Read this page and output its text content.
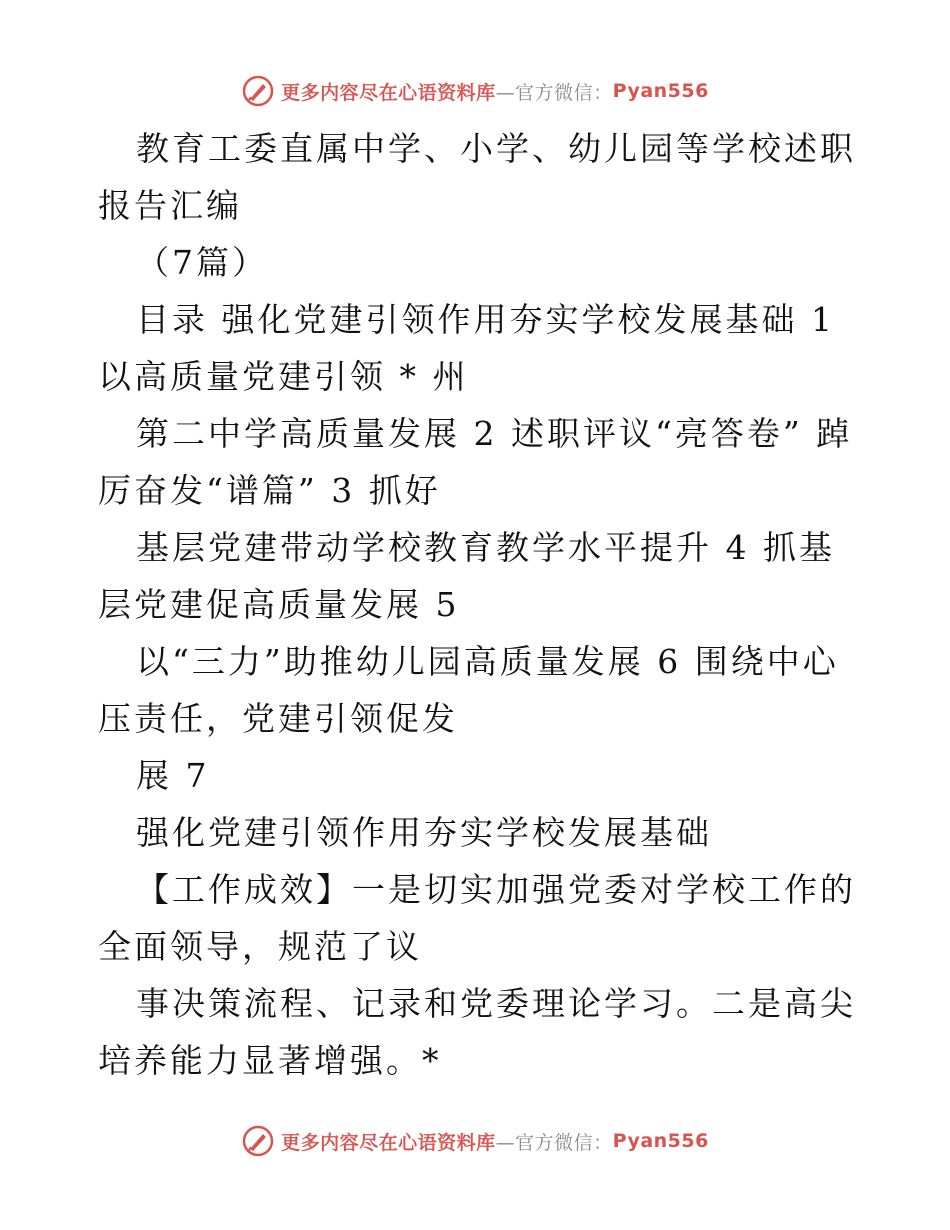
更多内容尽在心语资料库 —官方微信： Pyan556

教育工委直属中学、小学、幼儿园等学校述职报告汇编

（7篇）

目录 强化党建引领作用夯实学校发展基础 1 以高质量党建引领 * 州

第二中学高质量发展 2 述职评议“亮答卷” 踔厉奋发“谱篇” 3 抓好

基层党建带动学校教育教学水平提升 4 抓基层党建促高质量发展 5

以“三力”助推幼儿园高质量发展 6 围绕中心压责任，党建引领促发

展 7

强化党建引领作用夯实学校发展基础

【工作成效】一是切实加强党委对学校工作的全面领导，规范了议

事决策流程、记录和党委理论学习。二是高尖培养能力显著增强。*

更多内容尽在心语资料库 —官方微信： Pyan556
